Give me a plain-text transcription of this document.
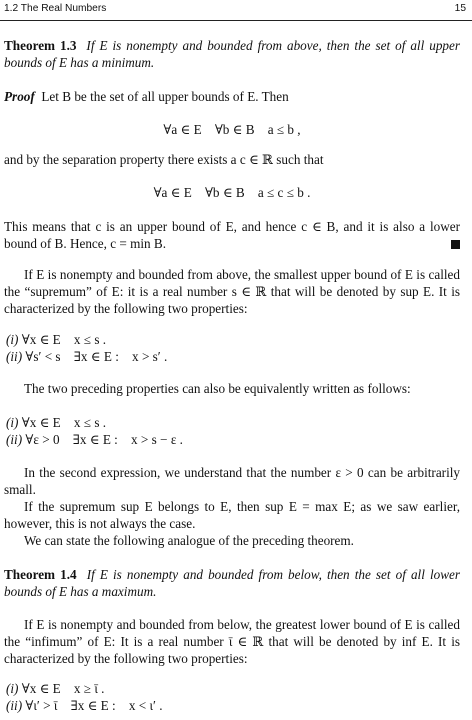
1.2 The Real Numbers	15

Theorem 1.3 If E is nonempty and bounded from above, then the set of all upper bounds of E has a minimum.

Proof Let B be the set of all upper bounds of E. Then

∀a ∈ E    ∀b ∈ B    a ≤ b ,

and by the separation property there exists a c ∈ ℝ such that

∀a ∈ E    ∀b ∈ B    a ≤ c ≤ b .

This means that c is an upper bound of E, and hence c ∈ B, and it is also a lower bound of B. Hence, c = min B.

If E is nonempty and bounded from above, the smallest upper bound of E is called the “supremum” of E: it is a real number s ∈ ℝ that will be denoted by sup E. It is characterized by the following two properties:

(i) ∀x ∈ E    x ≤ s .
(ii) ∀s′ < s    ∃x ∈ E :    x > s′ .

The two preceding properties can also be equivalently written as follows:

(i) ∀x ∈ E    x ≤ s .
(ii) ∀ε > 0    ∃x ∈ E :    x > s − ε .

In the second expression, we understand that the number ε > 0 can be arbitrarily small.

If the supremum sup E belongs to E, then sup E = max E; as we saw earlier, however, this is not always the case.

We can state the following analogue of the preceding theorem.

Theorem 1.4 If E is nonempty and bounded from below, then the set of all lower bounds of E has a maximum.

If E is nonempty and bounded from below, the greatest lower bound of E is called the “infimum” of E: It is a real number ῑ ∈ ℝ that will be denoted by inf E. It is characterized by the following two properties:

(i) ∀x ∈ E    x ≥ ῑ .
(ii) ∀ι′ > ῑ    ∃x ∈ E :    x < ι′ .
